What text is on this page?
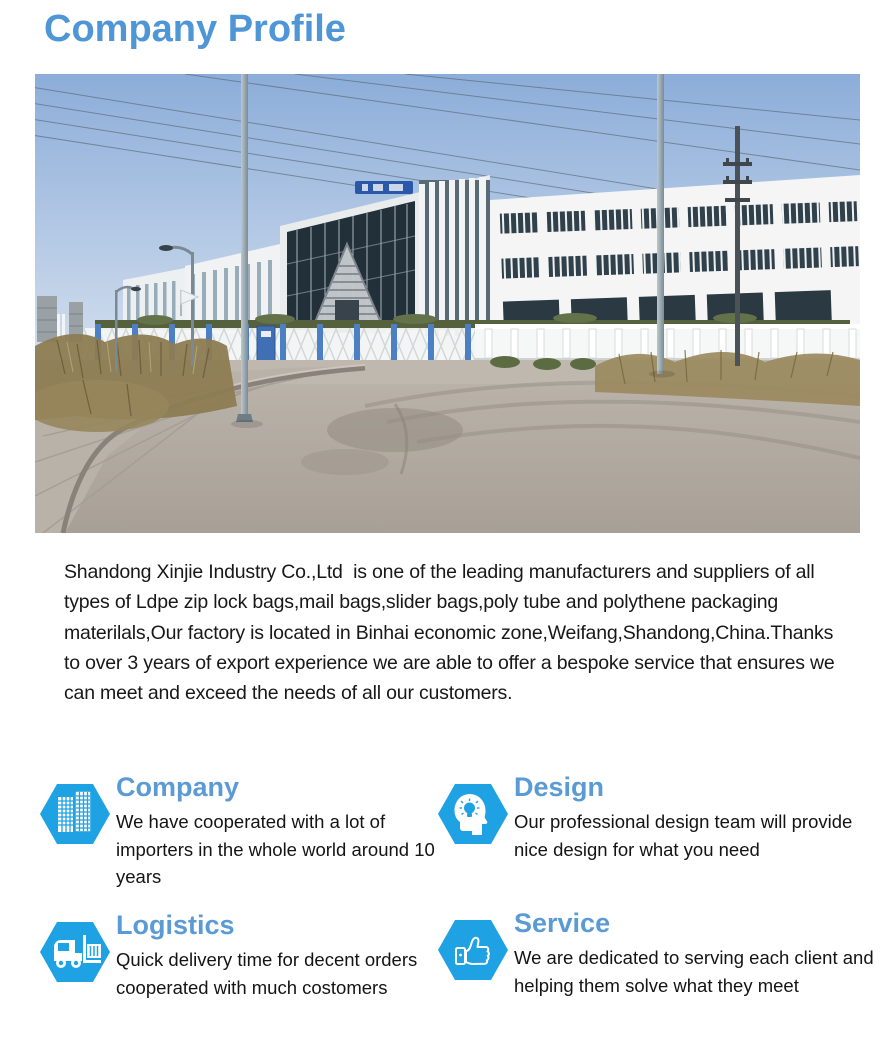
Company Profile

Shandong Xinjie Industry Co.,Ltd  is one of the leading manufacturers and suppliers of all types of Ldpe zip lock bags,mail bags,slider bags,poly tube and polythene packaging materilals,Our factory is located in Binhai economic zone,Weifang,Shandong,China.Thanks to over 3 years of export experience we are able to offer a bespoke service that ensures we can meet and exceed the needs of all our customers.

Company
We have cooperated with a lot of importers in the whole world around 10 years
Design
Our professional design team will provide nice design for what you need
Logistics
Quick delivery time for decent orders cooperated with much costomers
Service
We are dedicated to serving each client and helping them solve what they meet
